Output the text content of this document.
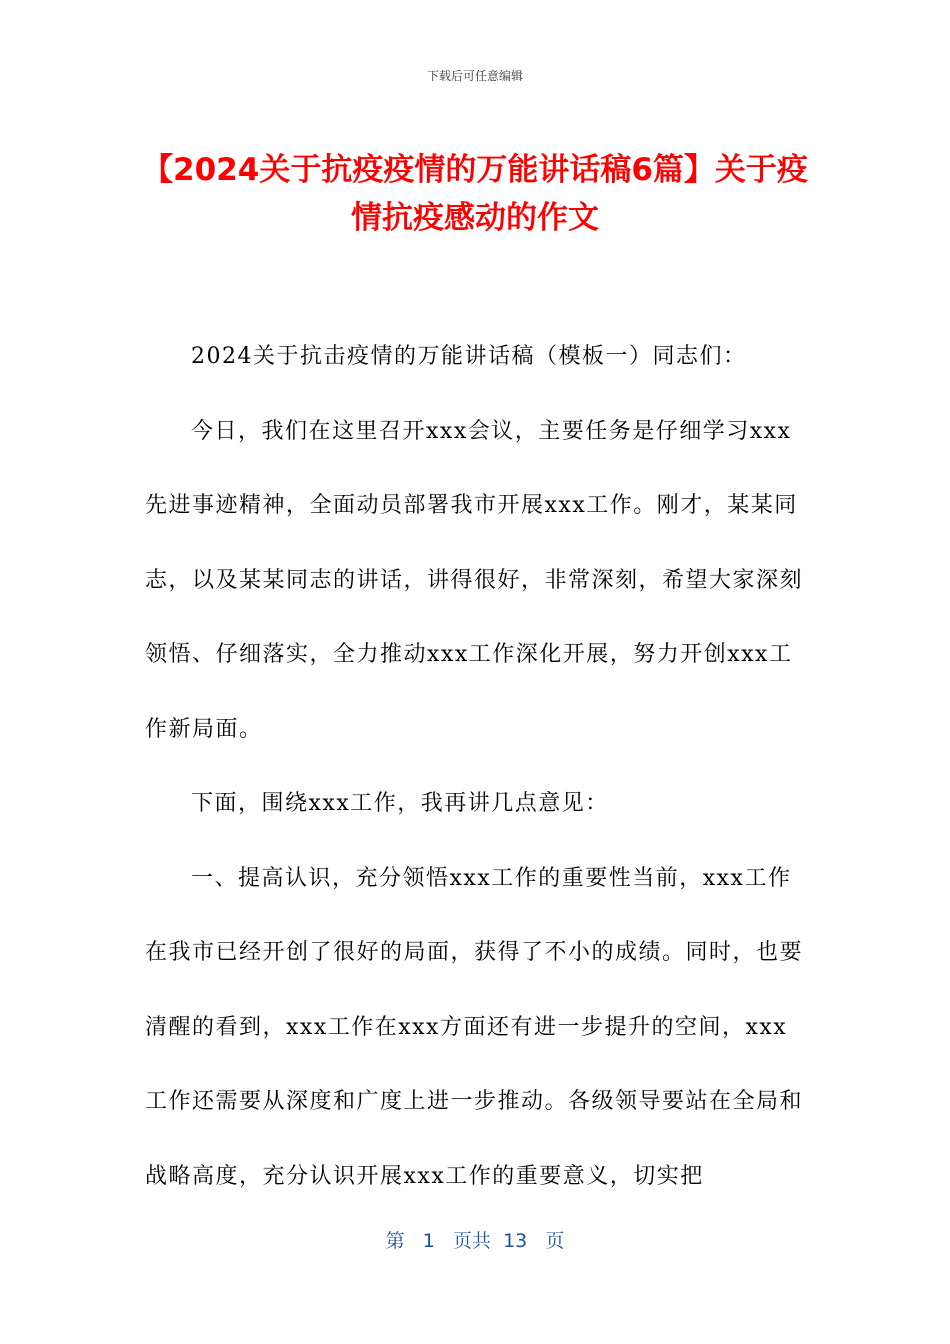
下载后可任意编辑
【2024关于抗疫疫情的万能讲话稿6篇】关于疫情抗疫感动的作文

2024关于抗击疫情的万能讲话稿（模板一）同志们：

今日，我们在这里召开xxx会议，主要任务是仔细学习xxx先进事迹精神，全面动员部署我市开展xxx工作。刚才，某某同志，以及某某同志的讲话，讲得很好，非常深刻，希望大家深刻领悟、仔细落实，全力推动xxx工作深化开展，努力开创xxx工作新局面。

下面，围绕xxx工作，我再讲几点意见：

一、提高认识，充分领悟xxx工作的重要性当前，xxx工作在我市已经开创了很好的局面，获得了不小的成绩。同时，也要清醒的看到，xxx工作在xxx方面还有进一步提升的空间，xxx工作还需要从深度和广度上进一步推动。各级领导要站在全局和战略高度，充分认识开展xxx工作的重要意义，切实把

第 1 页共 13 页
